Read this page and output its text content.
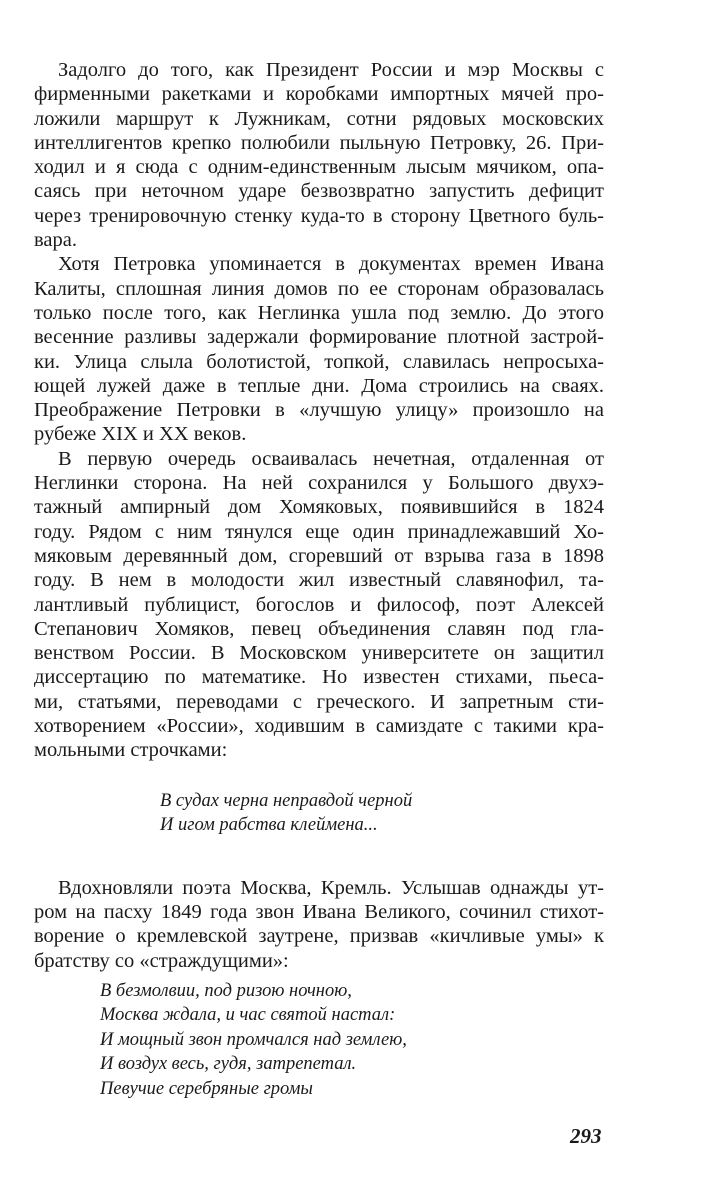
Задолго до того, как Президент России и мэр Москвы с
фирменными ракетками и коробками импортных мячей про-
ложили маршрут к Лужникам, сотни рядовых московских
интеллигентов крепко полюбили пыльную Петровку, 26. При-
ходил и я сюда с одним-единственным лысым мячиком, опа-
саясь при неточном ударе безвозвратно запустить дефицит
через тренировочную стенку куда-то в сторону Цветного буль-
вара.

Хотя Петровка упоминается в документах времен Ивана
Калиты, сплошная линия домов по ее сторонам образовалась
только после того, как Неглинка ушла под землю. До этого
весенние разливы задержали формирование плотной застрой-
ки. Улица слыла болотистой, топкой, славилась непросыха-
ющей лужей даже в теплые дни. Дома строились на сваях.
Преображение Петровки в «лучшую улицу» произошло на
рубеже XIX и XX веков.

В первую очередь осваивалась нечетная, отдаленная от
Неглинки сторона. На ней сохранился у Большого двухэ-
тажный ампирный дом Хомяковых, появившийся в 1824
году. Рядом с ним тянулся еще один принадлежавший Хо-
мяковым деревянный дом, сгоревший от взрыва газа в 1898
году. В нем в молодости жил известный славянофил, та-
лантливый публицист, богослов и философ, поэт Алексей
Степанович Хомяков, певец объединения славян под гла-
венством России. В Московском университете он защитил
диссертацию по математике. Но известен стихами, пьеса-
ми, статьями, переводами с греческого. И запретным сти-
хотворением «России», ходившим в самиздате с такими кра-
мольными строчками:

В судах черна неправдой черной
И игом рабства клеймена...

Вдохновляли поэта Москва, Кремль. Услышав однажды ут-
ром на пасху 1849 года звон Ивана Великого, сочинил стихот-
ворение о кремлевской заутрене, призвав «кичливые умы» к
братству со «страждущими»:

В безмолвии, под ризою ночною,
Москва ждала, и час святой настал:
И мощный звон промчался над землею,
И воздух весь, гудя, затрепетал.
Певучие серебряные громы
293
